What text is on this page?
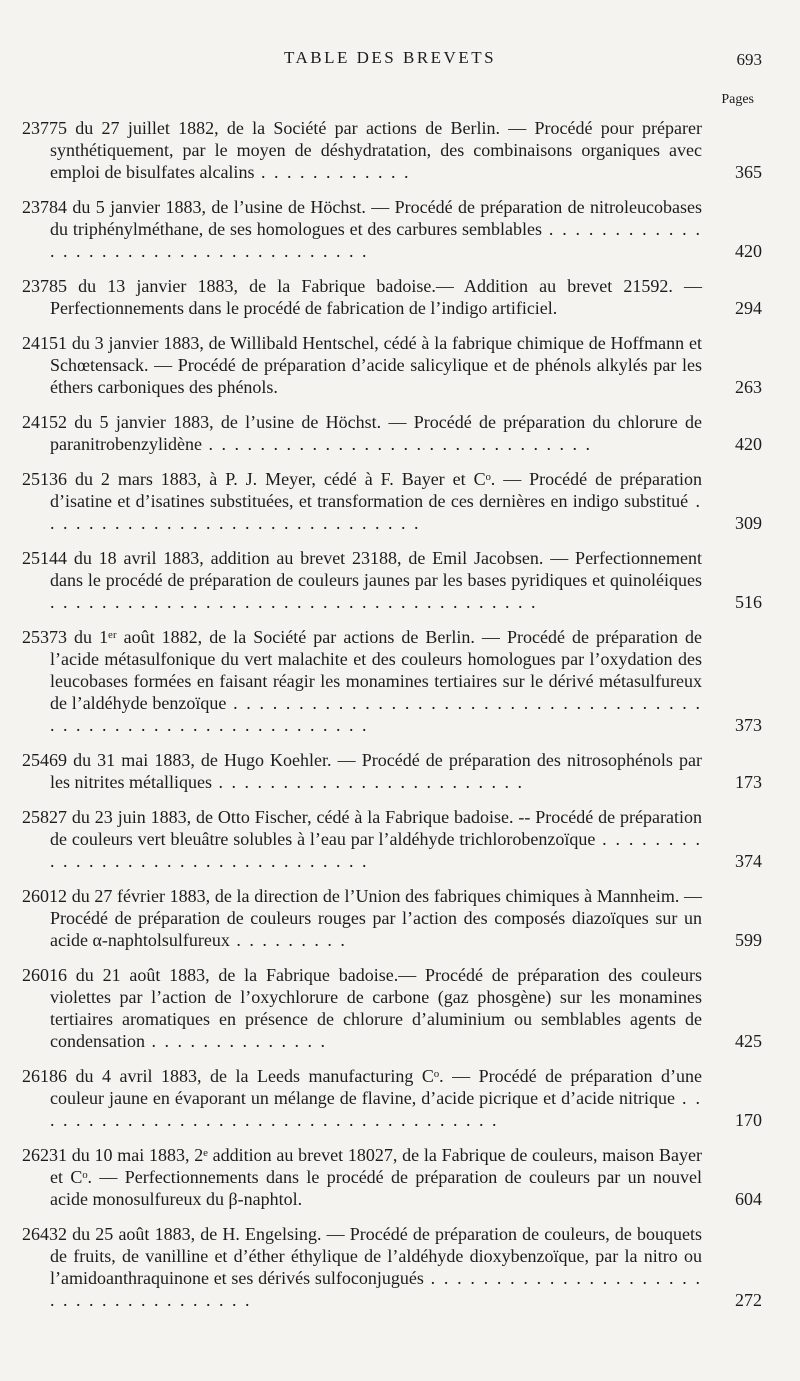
TABLE DES BREVETS	693
Pages
23775 du 27 juillet 1882, de la Société par actions de Berlin. — Procédé pour préparer synthétiquement, par le moyen de déshydratation, des combinaisons organiques avec emploi de bisulfates alcalins . . . . . . . . . . . .	365
23784 du 5 janvier 1883, de l’usine de Höchst. — Procédé de préparation de nitroleucobases du triphénylméthane, de ses homologues et des carbures semblables . . . . . . . . . . . . . . . . . . . . . . . . . . . . . . . . . . . . .	420
23785 du 13 janvier 1883, de la Fabrique badoise.— Addition au brevet 21592. — Perfectionnements dans le procédé de fabrication de l’indigo artificiel.	294
24151 du 3 janvier 1883, de Willibald Hentschel, cédé à la fabrique chimique de Hoffmann et Schœtensack. — Procédé de préparation d’acide salicylique et de phénols alkylés par les éthers carboniques des phénols.	263
24152 du 5 janvier 1883, de l’usine de Höchst. — Procédé de préparation du chlorure de paranitrobenzylidène . . . . . . . . . . . . . . . . . . . . . . . . . . . . . .	420
25136 du 2 mars 1883, à P. J. Meyer, cédé à F. Bayer et Cᵒ. — Procédé de préparation d’isatine et d’isatines substituées, et transformation de ces dernières en indigo substitué . . . . . . . . . . . . . . . . . . . . . . . . . . . . . .	309
25144 du 18 avril 1883, addition au brevet 23188, de Emil Jacobsen. — Perfectionnement dans le procédé de préparation de couleurs jaunes par les bases pyridiques et quinoléiques . . . . . . . . . . . . . . . . . . . . . . . . . . . . . . . . . . . . . .	516
25373 du 1ᵉʳ août 1882, de la Société par actions de Berlin. — Procédé de préparation de l’acide métasulfonique du vert malachite et des couleurs homologues par l’oxydation des leucobases formées en faisant réagir les monamines tertiaires sur le dérivé métasulfureux de l’aldéhyde benzoïque . . . . . . . . . . . . . . . . . . . . . . . . . . . . . . . . . . . . . . . . . . . . . . . . . . . . . . . . . . . . .	373
25469 du 31 mai 1883, de Hugo Koehler. — Procédé de préparation des nitrosophénols par les nitrites métalliques . . . . . . . . . . . . . . . . . . . . . . . .	173
25827 du 23 juin 1883, de Otto Fischer, cédé à la Fabrique badoise. -- Procédé de préparation de couleurs vert bleuâtre solubles à l’eau par l’aldéhyde trichlorobenzoïque . . . . . . . . . . . . . . . . . . . . . . . . . . . . . . . . .	374
26012 du 27 février 1883, de la direction de l’Union des fabriques chimiques à Mannheim. — Procédé de préparation de couleurs rouges par l’action des composés diazoïques sur un acide α-naphtolsulfureux . . . . . . . . .	599
26016 du 21 août 1883, de la Fabrique badoise.— Procédé de préparation des couleurs violettes par l’action de l’oxychlorure de carbone (gaz phosgène) sur les monamines tertiaires aromatiques en présence de chlorure d’aluminium ou semblables agents de condensation . . . . . . . . . . . . . .	425
26186 du 4 avril 1883, de la Leeds manufacturing Cᵒ. — Procédé de préparation d’une couleur jaune en évaporant un mélange de flavine, d’acide picrique et d’acide nitrique . . . . . . . . . . . . . . . . . . . . . . . . . . . . . . . . . . . . .	170
26231 du 10 mai 1883, 2ᵉ addition au brevet 18027, de la Fabrique de couleurs, maison Bayer et Cᵒ. — Perfectionnements dans le procédé de préparation de couleurs par un nouvel acide monosulfureux du β-naphtol.	604
26432 du 25 août 1883, de H. Engelsing. — Procédé de préparation de couleurs, de bouquets de fruits, de vanilline et d’éther éthylique de l’aldéhyde dioxybenzoïque, par la nitro ou l’amidoanthraquinone et ses dérivés sulfoconjugués . . . . . . . . . . . . . . . . . . . . . . . . . . . . . . . . . . . . .	272
